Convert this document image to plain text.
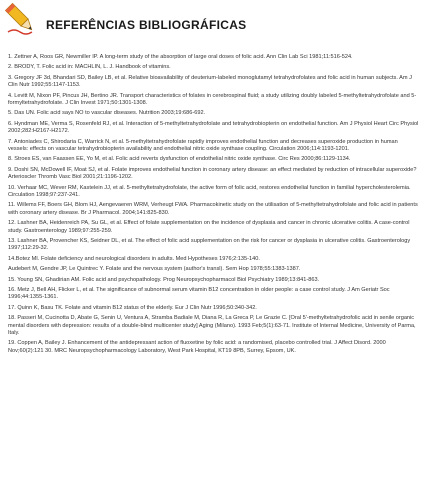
REFERÊNCIAS BIBLIOGRÁFICAS

1. Zettner A, Roos GR, Newmiller IP. A long-term study of the absorption of large oral doses of folic acid. Ann Clin Lab Sci 1981;11:516-524.

2. BRODY, T. Folic acid in: MACHLIN, L. J. Handbook of vitamins.

3. Gregory JF 3d, Bhandari SD, Bailey LB, et al. Relative bioavailability of deuterium-labeled monoglutamyl tetrahydrofolates and folic acid in human subjects. Am J Clin Nutr 1992;55:1147-1153.

4. Levitt M, Nixon PF, Pincus JH, Bertino JR. Transport characteristics of folates in cerebrospinal fluid; a study utilizing doubly labeled 5-methyltetrahydrofolate and 5-formyltetrahydrofolate. J Clin Invest 1971;50:1301-1308.

5. Das UN. Folic acid says NO to vascular diseases. Nutrition 2003;19:686-692.

6. Hyndman ME, Verma S, Rosenfeld RJ, et al. Interaction of 5-methyltetrahydrofolate and tetrahydrobiopterin on endothelial function. Am J Physiol Heart Circ Physiol 2002;282:H2167-H2172.

7. Antoniades C, Shirodaria C, Warrick N, et al. 5-methyltetrahydrofolate rapidly improves endothelial function and decreases superoxide production in human vessels: effects on vascular tetrahydrobiopterin availability and endothelial nitric oxide synthase coupling. Circulation 2006;114:1193-1201.

8. Stroes ES, van Faassen EE, Yo M, et al. Folic acid reverts dysfunction of endothelial nitric oxide synthase. Circ Res 2000;86:1129-1134.

9. Doshi SN, McDowell IF, Moat SJ, et al. Folate improves endothelial function in coronary artery disease: an effect mediated by reduction of intracellular superoxide? Arterioscler Thromb Vasc Biol 2001;21:1196-1202.

10. Verhaar MC, Wever RM, Kastelein JJ, et al. 5-methyltetrahydrofolate, the active form of folic acid, restores endothelial function in familial hypercholesterolemia. Circulation 1998;97:237-241.

11. Willems FF, Boers GH, Blom HJ, Aengevaeren WRM, Verheugt FWA. Pharmacokinetic study on the utilisation of 5-methyltetrahydrofolate and folic acid in patients with coronary artery disease. Br J Pharmacol. 2004;141:825-830.

12. Lashner BA, Heidenreich PA, Su GL, et al. Effect of folate supplementation on the incidence of dysplasia and cancer in chronic ulcerative colitis. A case-control study. Gastroenterology 1989;97:255-259.

13. Lashner BA, Provencher KS, Seidner DL, et al. The effect of folic acid supplementation on the risk for cancer or dysplasia in ulcerative colitis. Gastroenterology 1997;112:29-32.

14.Botez MI. Folate deficiency and neurological disorders in adults. Med Hypotheses 1976;2:135-140.

Audebert M, Gendre JP, Le Quintrec Y. Folate and the nervous system (author's transl). Sem Hop 1978;55:1383-1387.

15. Young SN, Ghadirian AM. Folic acid and psychopathology. Prog Neuropsychopharmacol Biol Psychiatry 1989;13:841-863.

16. Metz J, Bell AH, Flicker L, et al. The significance of subnormal serum vitamin B12 concentration in older people: a case control study. J Am Geriatr Soc 1996;44:1355-1361.

17. Quinn K, Basu TK. Folate and vitamin B12 status of the elderly. Eur J Clin Nutr 1996;50:340-342.

18. Passeri M, Cucinotta D, Abate G, Senin U, Ventura A, Stramba Badiale M, Diana R, La Greca P, Le Grazie C. [Oral 5'-methyltetrahydrofolic acid in senile organic mental disorders with depression: results of a double-blind multicenter study] Aging (Milano). 1993 Feb;5(1):63-71. Institute of Internal Medicine, University of Parma, Italy.

19. Coppen A, Bailey J. Enhancement of the antidepressant action of fluoxetine by folic acid: a randomised, placebo controlled trial. J Affect Disord. 2000 Nov;60(2):121 30. MRC Neuropsychopharmacology Laboratory, West Park Hospital, KT19 8PB, Surrey, Epsom, UK.
